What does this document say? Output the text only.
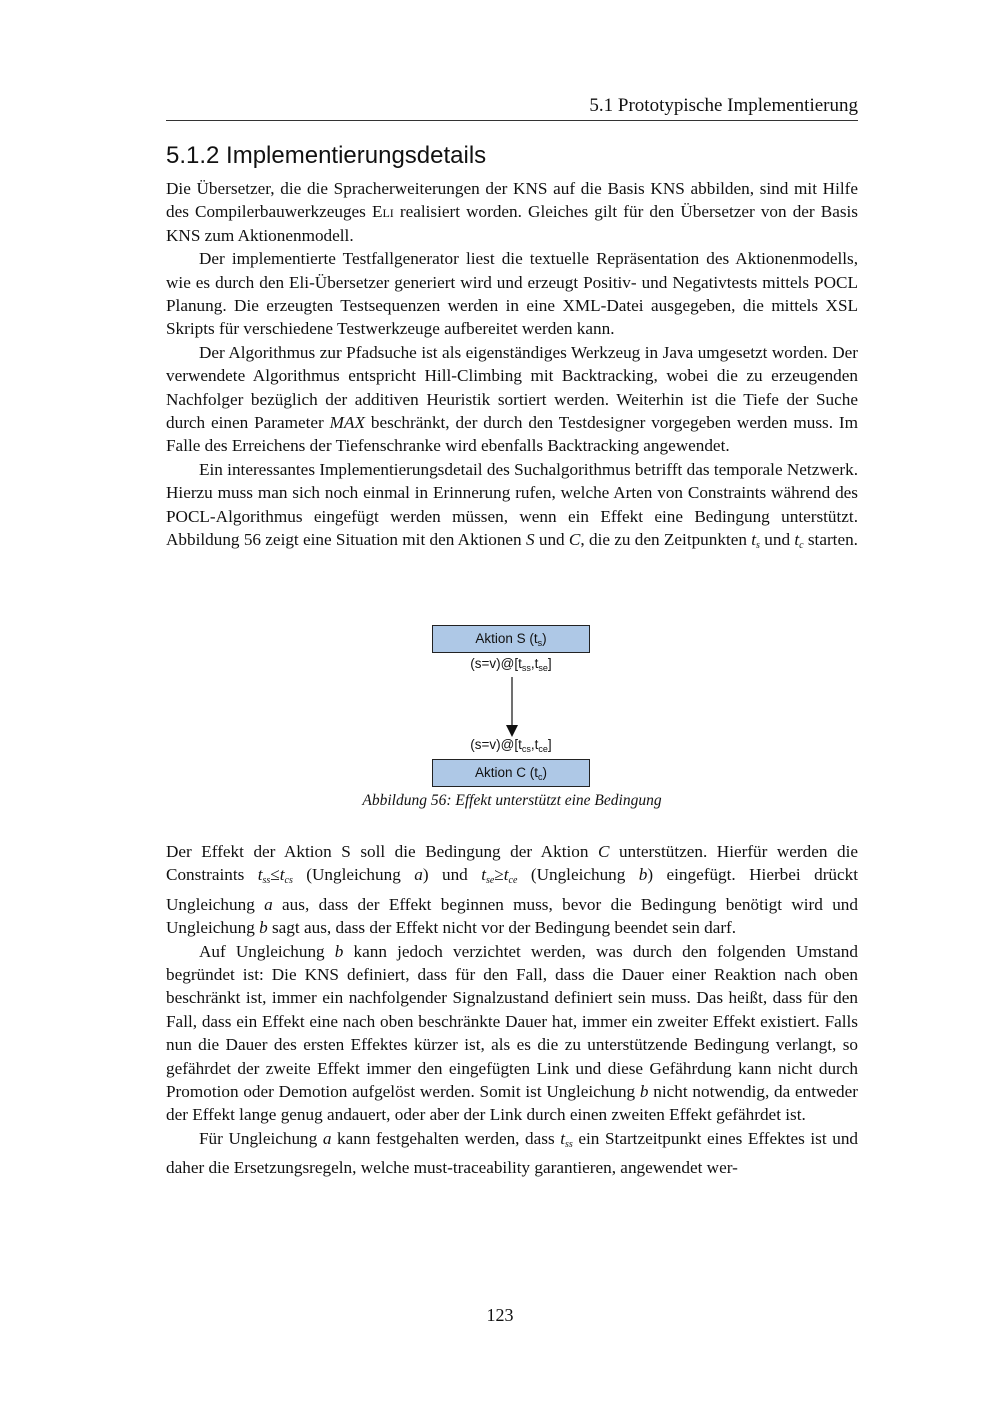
5.1 Prototypische Implementierung
5.1.2 Implementierungsdetails

Die Übersetzer, die die Spracherweiterungen der KNS auf die Basis KNS abbilden, sind mit Hilfe des Compilerbauwerkzeuges Eli realisiert worden. Gleiches gilt für den Übersetzer von der Basis KNS zum Aktionenmodell.

Der implementierte Testfallgenerator liest die textuelle Repräsentation des Aktionenmodells, wie es durch den Eli-Übersetzer generiert wird und erzeugt Positiv- und Negativtests mittels POCL Planung. Die erzeugten Testsequenzen werden in eine XML-Datei ausgegeben, die mittels XSL Skripts für verschiedene Testwerkzeuge aufbereitet werden kann.

Der Algorithmus zur Pfadsuche ist als eigenständiges Werkzeug in Java umgesetzt worden. Der verwendete Algorithmus entspricht Hill-Climbing mit Backtracking, wobei die zu erzeugenden Nachfolger bezüglich der additiven Heuristik sortiert werden. Weiterhin ist die Tiefe der Suche durch einen Parameter MAX beschränkt, der durch den Testdesigner vorgegeben werden muss. Im Falle des Erreichens der Tiefenschranke wird ebenfalls Backtracking angewendet.

Ein interessantes Implementierungsdetail des Suchalgorithmus betrifft das temporale Netzwerk. Hierzu muss man sich noch einmal in Erinnerung rufen, welche Arten von Constraints während des POCL-Algorithmus eingefügt werden müssen, wenn ein Effekt eine Bedingung unterstützt. Abbildung 56 zeigt eine Situation mit den Aktionen S und C, die zu den Zeitpunkten $t_s$ und $t_c$ starten.

Aktion S $(t_s)$
$(s=v)@[t_{ss},t_{se}]$
$(s=v)@[t_{cs},t_{ce}]$
Aktion C $(t_c)$
Abbildung 56: Effekt unterstützt eine Bedingung

Der Effekt der Aktion S soll die Bedingung der Aktion C unterstützen. Hierfür werden die Constraints $t_{ss}\le t_{cs}$ (Ungleichung a) und $t_{se}\ge t_{ce}$ (Ungleichung b) eingefügt. Hierbei drückt Ungleichung a aus, dass der Effekt beginnen muss, bevor die Bedingung benötigt wird und Ungleichung b sagt aus, dass der Effekt nicht vor der Bedingung beendet sein darf.

Auf Ungleichung b kann jedoch verzichtet werden, was durch den folgenden Umstand begründet ist: Die KNS definiert, dass für den Fall, dass die Dauer einer Reaktion nach oben beschränkt ist, immer ein nachfolgender Signalzustand definiert sein muss. Das heißt, dass für den Fall, dass ein Effekt eine nach oben beschränkte Dauer hat, immer ein zweiter Effekt existiert. Falls nun die Dauer des ersten Effektes kürzer ist, als es die zu unterstützende Bedingung verlangt, so gefährdet der zweite Effekt immer den eingefügten Link und diese Gefährdung kann nicht durch Promotion oder Demotion aufgelöst werden. Somit ist Ungleichung b nicht notwendig, da entweder der Effekt lange genug andauert, oder aber der Link durch einen zweiten Effekt gefährdet ist.

Für Ungleichung a kann festgehalten werden, dass $t_{ss}$ ein Startzeitpunkt eines Effektes ist und daher die Ersetzungsregeln, welche must-traceability garantieren, angewendet wer-

123
